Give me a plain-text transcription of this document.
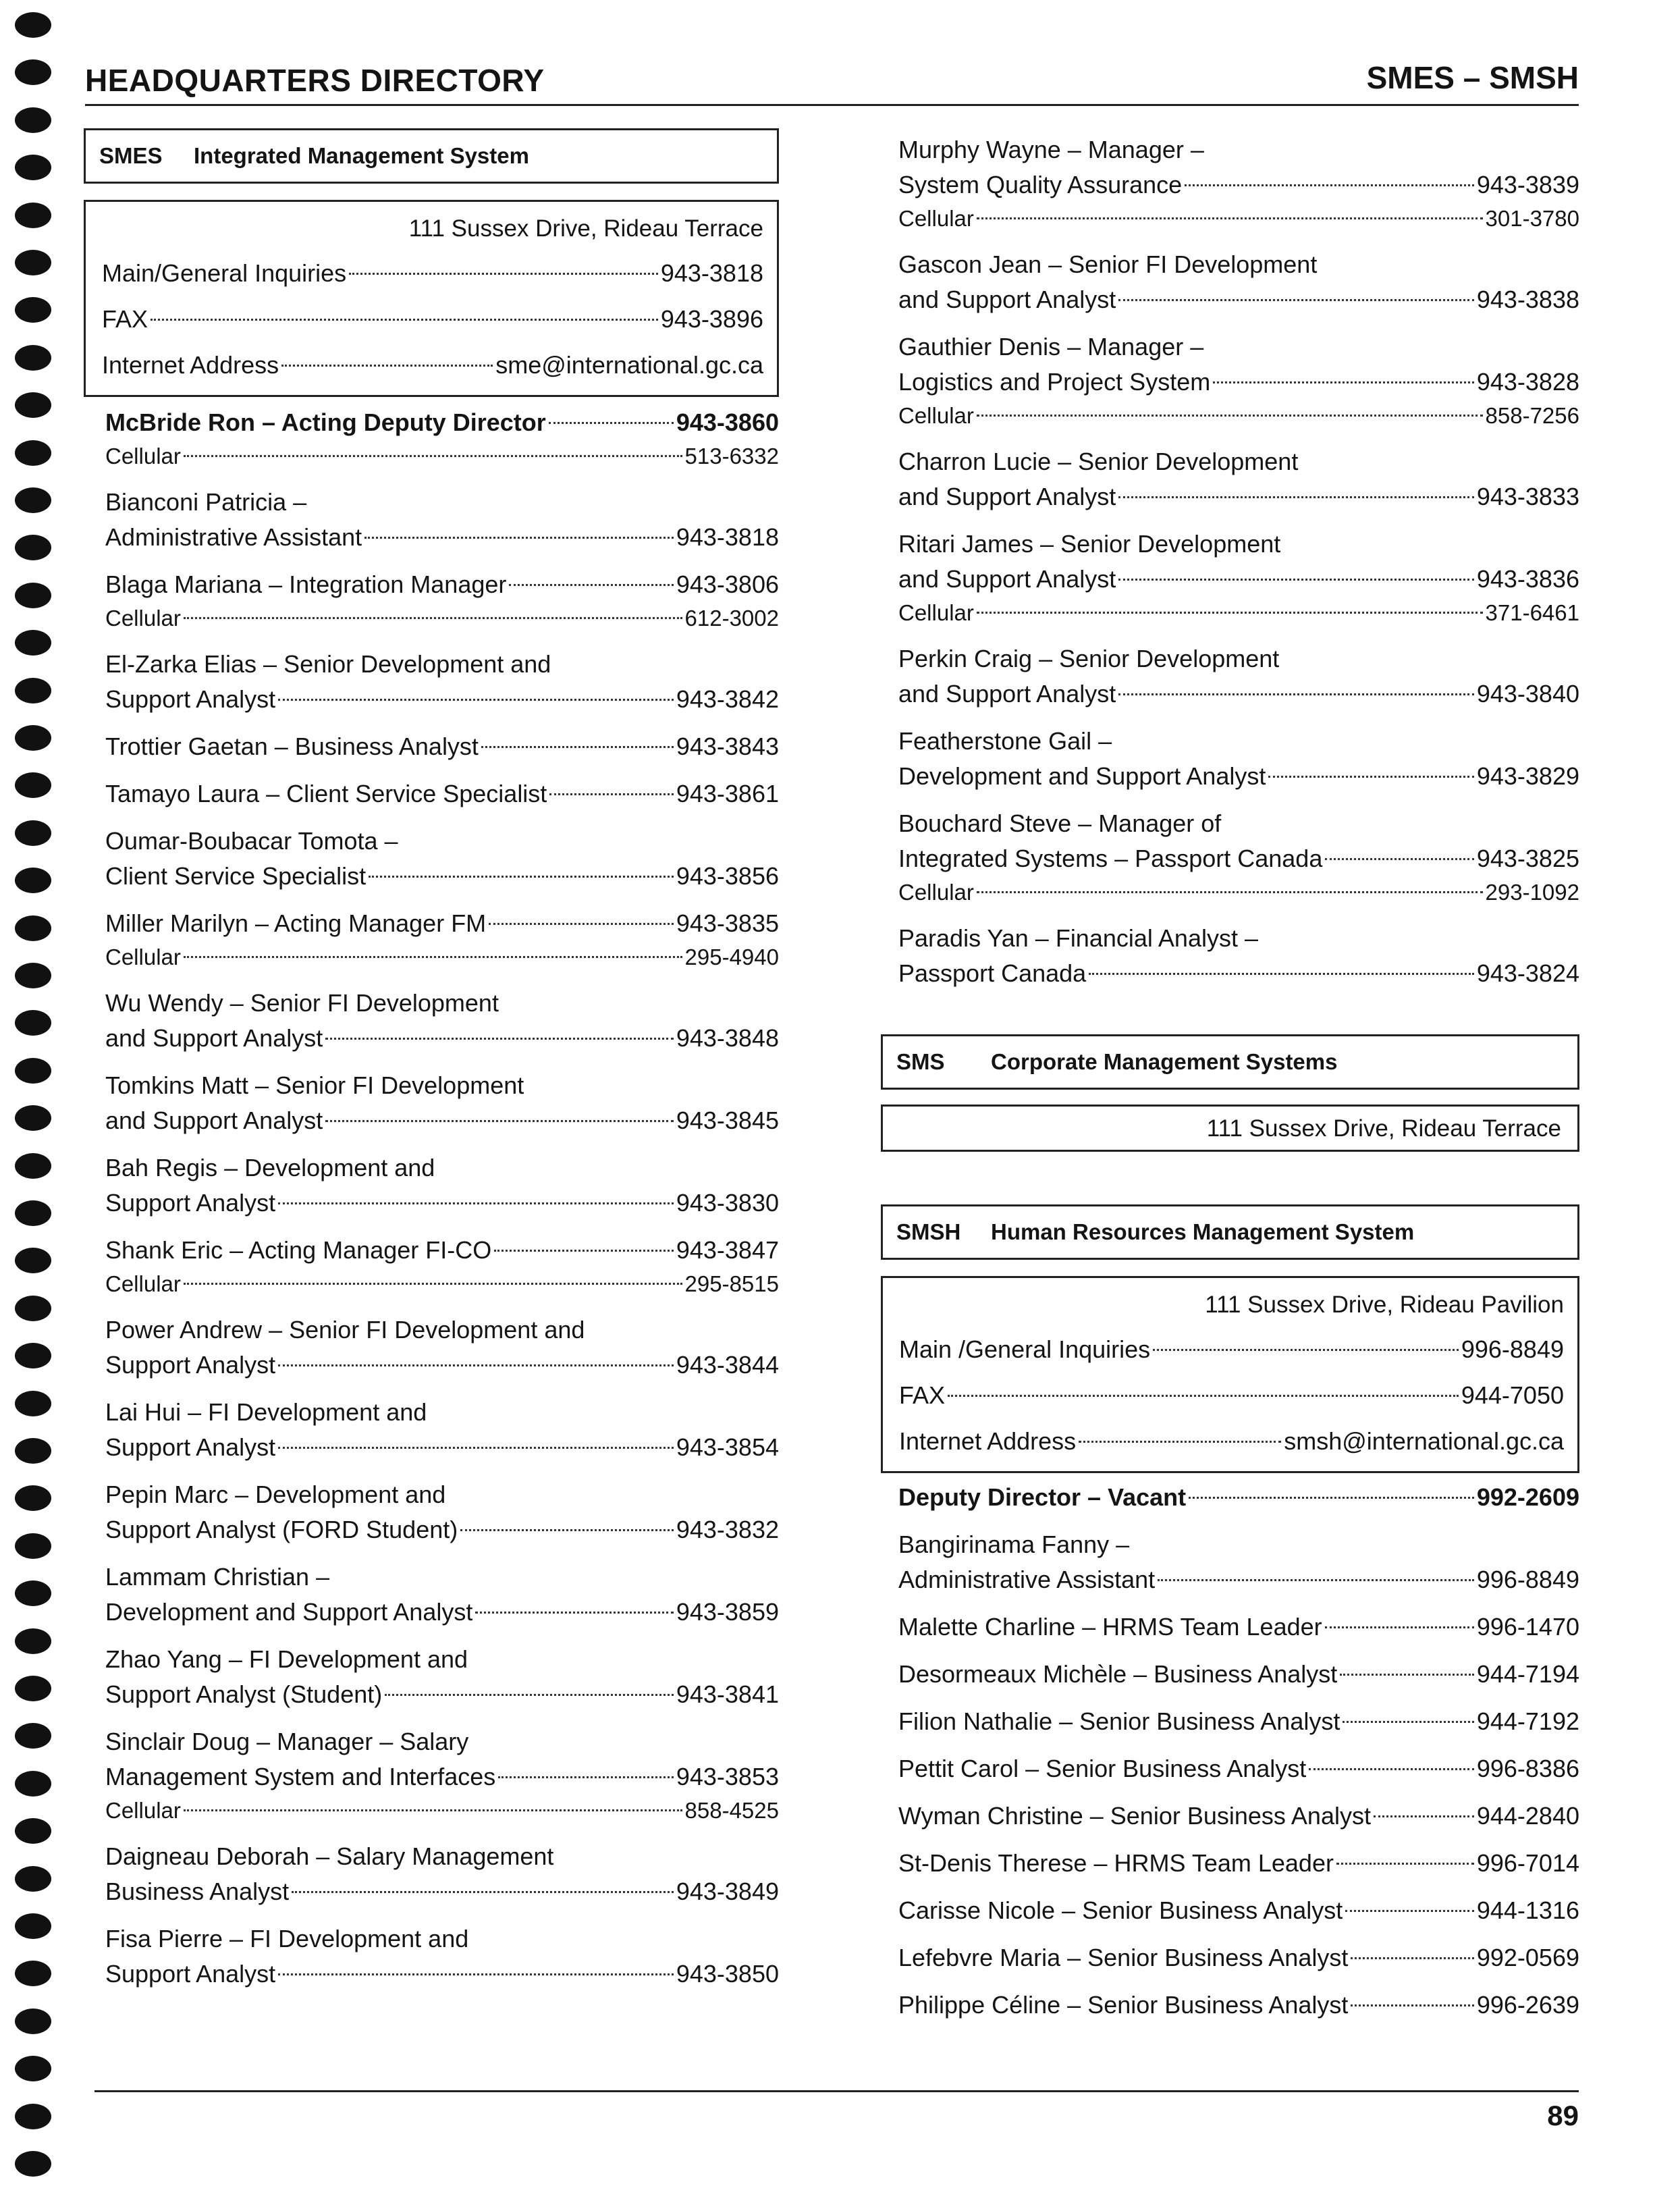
HEADQUARTERS DIRECTORY	SMES – SMSH
SMES	Integrated Management System
111 Sussex Drive, Rideau Terrace
Main/General Inquiries	943-3818
FAX	943-3896
Internet Address	sme@international.gc.ca
McBride Ron – Acting Deputy Director	943-3860
Cellular	513-6332
Bianconi Patricia –
Administrative Assistant	943-3818
Blaga Mariana – Integration Manager	943-3806
Cellular	612-3002
El-Zarka Elias – Senior Development and
Support Analyst	943-3842
Trottier Gaetan – Business Analyst	943-3843
Tamayo Laura – Client Service Specialist	943-3861
Oumar-Boubacar Tomota –
Client Service Specialist	943-3856
Miller Marilyn – Acting Manager FM	943-3835
Cellular	295-4940
Wu Wendy – Senior FI Development
and Support Analyst	943-3848
Tomkins Matt – Senior FI Development
and Support Analyst	943-3845
Bah Regis – Development and
Support Analyst	943-3830
Shank Eric – Acting Manager FI-CO	943-3847
Cellular	295-8515
Power Andrew – Senior FI Development and
Support Analyst	943-3844
Lai Hui – FI Development and
Support Analyst	943-3854
Pepin Marc – Development and
Support Analyst (FORD Student)	943-3832
Lammam Christian –
Development and Support Analyst	943-3859
Zhao Yang – FI Development and
Support Analyst (Student)	943-3841
Sinclair Doug – Manager – Salary
Management System and Interfaces	943-3853
Cellular	858-4525
Daigneau Deborah – Salary Management
Business Analyst	943-3849
Fisa Pierre – FI Development and
Support Analyst	943-3850
Murphy Wayne – Manager –
System Quality Assurance	943-3839
Cellular	301-3780
Gascon Jean – Senior FI Development
and Support Analyst	943-3838
Gauthier Denis – Manager –
Logistics and Project System	943-3828
Cellular	858-7256
Charron Lucie – Senior Development
and Support Analyst	943-3833
Ritari James – Senior Development
and Support Analyst	943-3836
Cellular	371-6461
Perkin Craig – Senior Development
and Support Analyst	943-3840
Featherstone Gail –
Development and Support Analyst	943-3829
Bouchard Steve – Manager of
Integrated Systems – Passport Canada	943-3825
Cellular	293-1092
Paradis Yan – Financial Analyst –
Passport Canada	943-3824
SMS	Corporate Management Systems
111 Sussex Drive, Rideau Terrace
SMSH	Human Resources Management System
111 Sussex Drive, Rideau Pavilion
Main /General Inquiries	996-8849
FAX	944-7050
Internet Address	smsh@international.gc.ca
Deputy Director – Vacant	992-2609
Bangirinama Fanny –
Administrative Assistant	996-8849
Malette Charline – HRMS Team Leader	996-1470
Desormeaux Michèle – Business Analyst	944-7194
Filion Nathalie – Senior Business Analyst	944-7192
Pettit Carol – Senior Business Analyst	996-8386
Wyman Christine – Senior Business Analyst	944-2840
St-Denis Therese – HRMS Team Leader	996-7014
Carisse Nicole – Senior Business Analyst	944-1316
Lefebvre Maria – Senior Business Analyst	992-0569
Philippe Céline – Senior Business Analyst	996-2639
89
